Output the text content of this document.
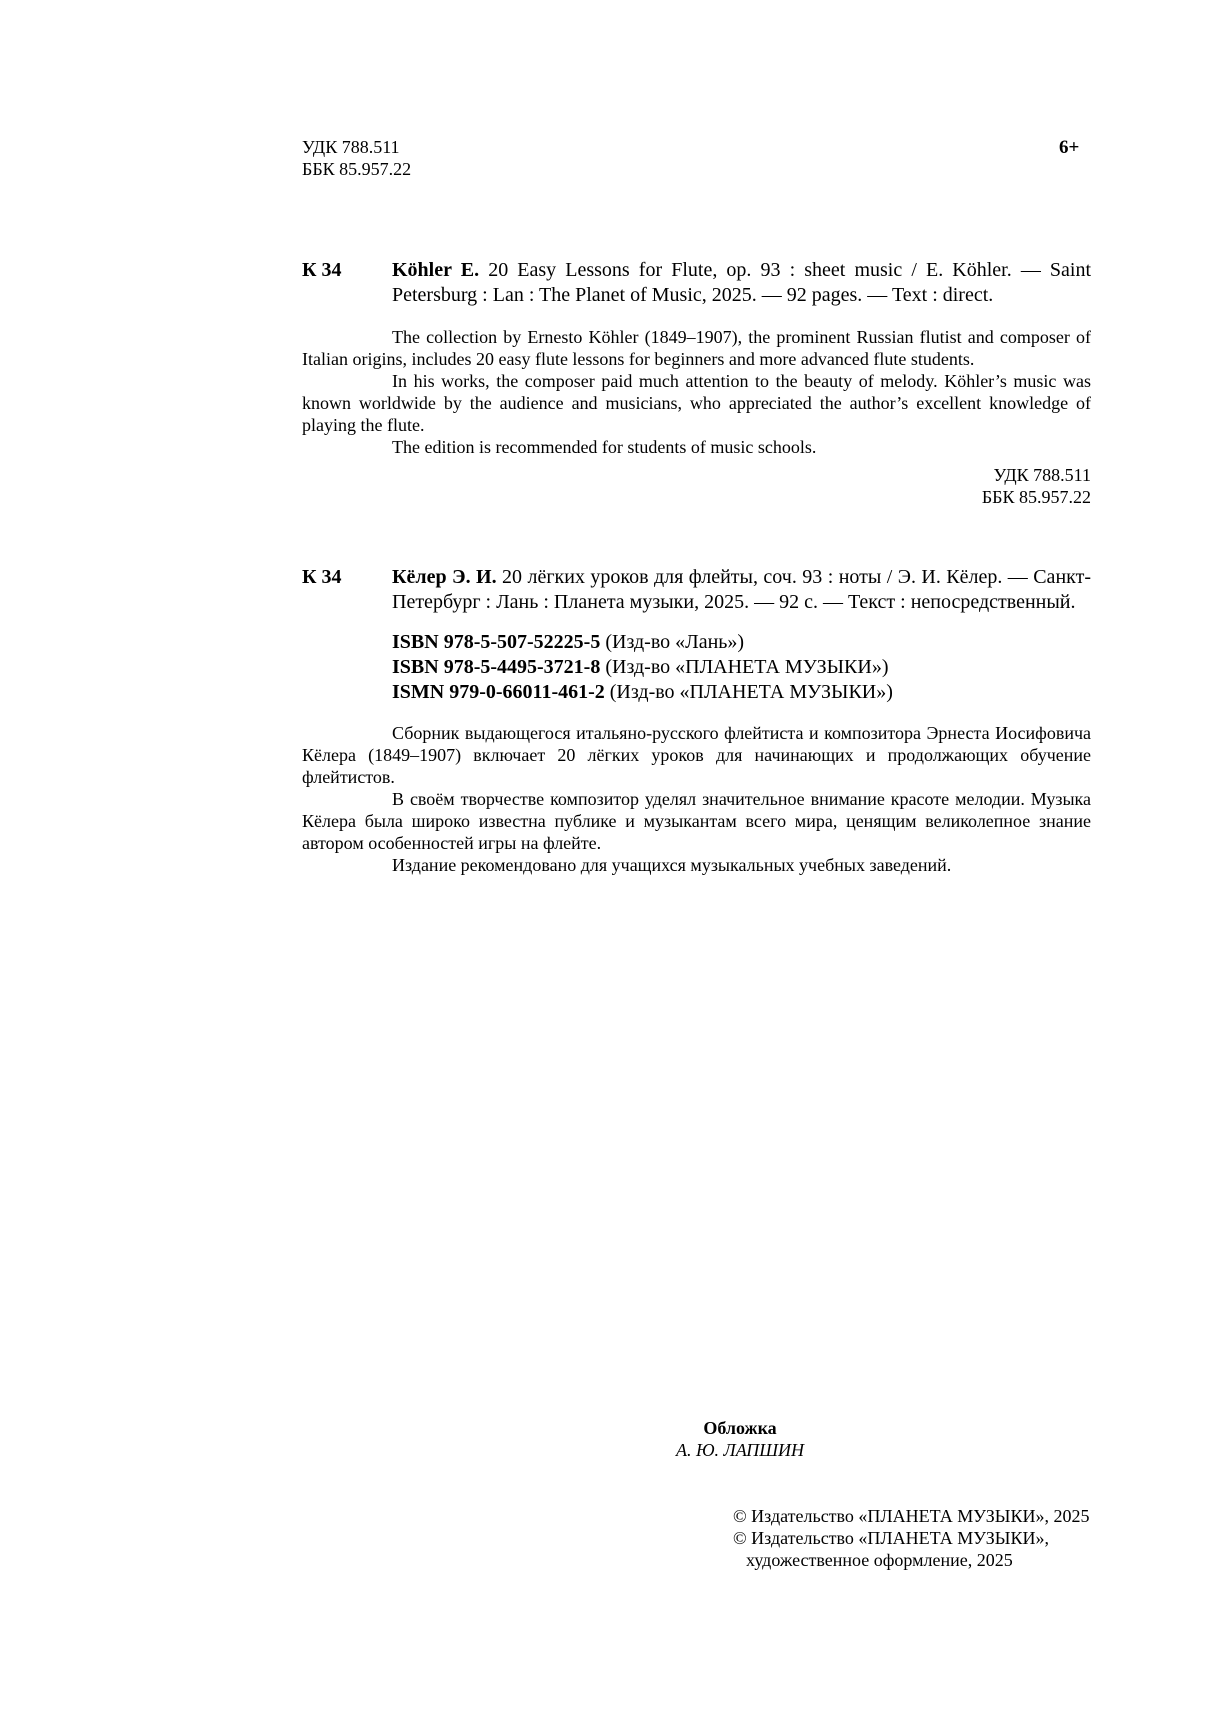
УДК 788.511
ББК 85.957.22
6+
К 34	Köhler E. 20 Easy Lessons for Flute, op. 93 : sheet music / E. Köhler. — Saint Petersburg : Lan : The Planet of Music, 2025. — 92 pages. — Text : direct.

The collection by Ernesto Köhler (1849–1907), the prominent Russian flutist and composer of Italian origins, includes 20 easy flute lessons for beginners and more advanced flute students.

In his works, the composer paid much attention to the beauty of melody. Köhler’s music was known worldwide by the audience and musicians, who appreciated the author’s excellent knowledge of playing the flute.

The edition is recommended for students of music schools.

УДК 788.511
ББК 85.957.22
К 34	Кёлер Э. И. 20 лёгких уроков для флейты, соч. 93 : ноты / Э. И. Кёлер. — Санкт-Петербург : Лань : Планета музыки, 2025. — 92 с. — Текст : непосредственный.
ISBN 978-5-507-52225-5 (Изд-во «Лань»)
ISBN 978-5-4495-3721-8 (Изд-во «ПЛАНЕТА МУЗЫКИ»)
ISMN 979-0-66011-461-2 (Изд-во «ПЛАНЕТА МУЗЫКИ»)

Сборник выдающегося итальяно-русского флейтиста и композитора Эрнеста Иосифовича Кёлера (1849–1907) включает 20 лёгких уроков для начинающих и продолжающих обучение флейтистов.

В своём творчестве композитор уделял значительное внимание красоте мелодии. Музыка Кёлера была широко известна публике и музыкантам всего мира, ценящим великолепное знание автором особенностей игры на флейте.

Издание рекомендовано для учащихся музыкальных учебных заведений.

Обложка
А. Ю. ЛАПШИН
© Издательство «ПЛАНЕТА МУЗЫКИ», 2025
© Издательство «ПЛАНЕТА МУЗЫКИ»,
художественное оформление, 2025
